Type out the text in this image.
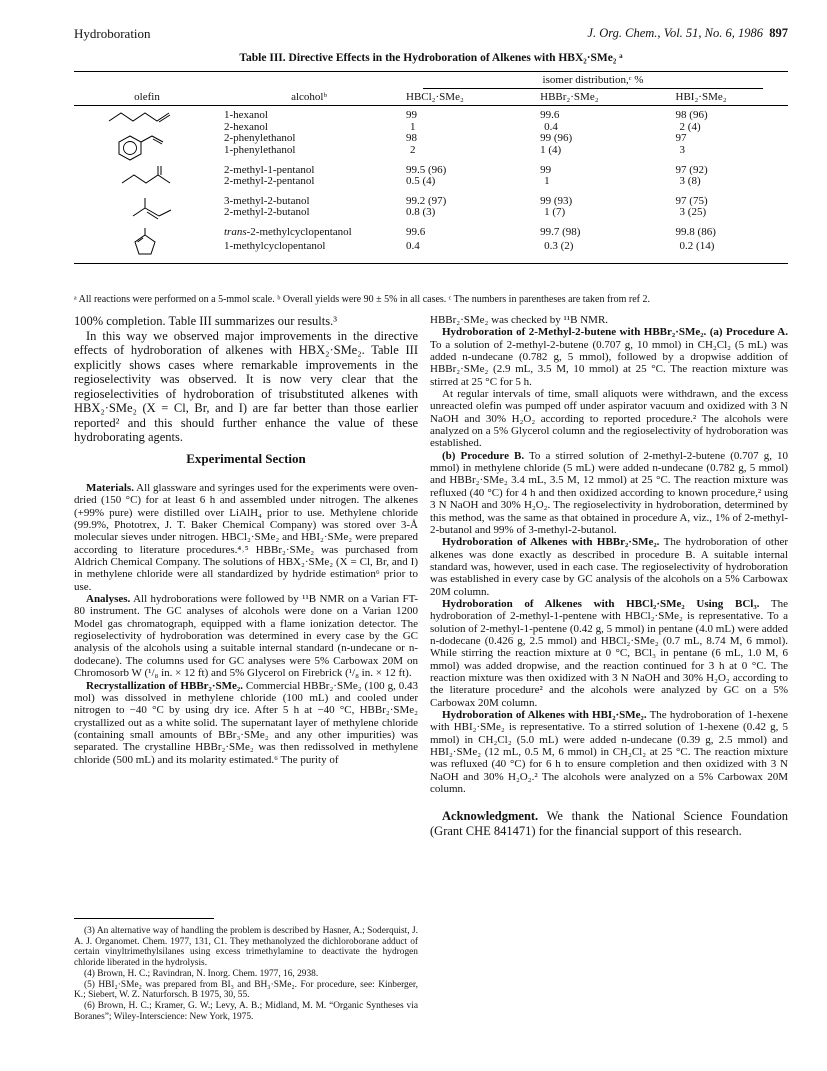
Hydroboration	J. Org. Chem., Vol. 51, No. 6, 1986 897
Table III. Directive Effects in the Hydroboration of Alkenes with HBX₂·SMe₂ ᵃ
		isomer distribution,ᶜ %		
olefin	alcoholᵇ	HBCl₂·SMe₂	HBBr₂·SMe₂	HBI₂·SMe₂

	1-hexanol	99	99.6	98 (96)
	2-hexanol	1	0.4	2 (4)

	2-phenylethanol	98	99 (96)	97
	1-phenylethanol	2	1 (4)	3

	2-methyl-1-pentanol	99.5 (96)	99	97 (92)
	2-methyl-2-pentanol	0.5 (4)	1	3 (8)

	3-methyl-2-butanol	99.2 (97)	99 (93)	97 (75)
	2-methyl-2-butanol	0.8 (3)	1 (7)	3 (25)

	trans-2-methylcyclopentanol	99.6	99.7 (98)	99.8 (86)
	1-methylcyclopentanol	0.4	0.3 (2)	0.2 (14)
ᵃ All reactions were performed on a 5-mmol scale. ᵇ Overall yields were 90 ± 5% in all cases. ᶜ The numbers in parentheses are taken from ref 2.

100% completion. Table III summarizes our results.³

In this way we observed major improvements in the directive effects of hydroboration of alkenes with HBX₂·SMe₂. Table III explicitly shows cases where remarkable improvements in the regioselectivity was observed. It is now very clear that the regioselectivities of hydroboration of trisubstituted alkenes with HBX₂·SMe₂ (X = Cl, Br, and I) are far better than those earlier reported² and this should further enhance the value of these hydroborating agents.

Experimental Section

Materials. All glassware and syringes used for the experiments were oven-dried (150 °C) for at least 6 h and assembled under nitrogen. The alkenes (+99% pure) were distilled over LiAlH₄ prior to use. Methylene chloride (99.9%, Phototrex, J. T. Baker Chemical Company) was stored over 3-Å molecular sieves under nitrogen. HBCl₂·SMe₂ and HBI₂·SMe₂ were prepared according to literature procedures.⁴˒⁵ HBBr₂·SMe₂ was purchased from Aldrich Chemical Company. The solutions of HBX₂·SMe₂ (X = Cl, Br, and I) in methylene chloride were all standardized by hydride estimation⁶ prior to use.

Analyses. All hydroborations were followed by ¹¹B NMR on a Varian FT-80 instrument. The GC analyses of alcohols were done on a Varian 1200 Model gas chromatograph, equipped with a flame ionization detector. The regioselectivity of hydroboration was determined in every case by the GC analysis of the alcohols using a suitable internal standard (n-undecane or n-dodecane). The columns used for GC analyses were 5% Carbowax 20M on Chromosorb W (¹/₈ in. × 12 ft) and 5% Glycerol on Firebrick (¹/₈ in. × 12 ft).

Recrystallization of HBBr₂·SMe₂. Commercial HBBr₂·SMe₂ (100 g, 0.43 mol) was dissolved in methylene chloride (100 mL) and cooled under nitrogen to −40 °C by using dry ice. After 5 h at −40 °C, HBBr₂·SMe₂ crystallized out as a white solid. The supernatant layer of methylene chloride (containing small amounts of BBr₃·SMe₂ and any other impurities) was separated. The crystalline HBBr₂·SMe₂ was then redissolved in methylene chloride (500 mL) and its molarity estimated.⁶ The purity of

(3) An alternative way of handling the problem is described by Hasner, A.; Soderquist, J. A. J. Organomet. Chem. 1977, 131, C1. They methanolyzed the dichloroborane adduct of certain vinyltrimethylsilanes using excess trimethylamine to deactivate the hydrogen chloride liberated in the hydrolysis.
(4) Brown, H. C.; Ravindran, N. Inorg. Chem. 1977, 16, 2938.
(5) HBI₂·SMe₂ was prepared from BI₃ and BH₃·SMe₂. For procedure, see: Kinberger, K.; Siebert, W. Z. Naturforsch. B 1975, 30, 55.
(6) Brown, H. C.; Kramer, G. W.; Levy, A. B.; Midland, M. M. “Organic Syntheses via Boranes”; Wiley-Interscience: New York, 1975.

HBBr₂·SMe₂ was checked by ¹¹B NMR.

Hydroboration of 2-Methyl-2-butene with HBBr₂·SMe₂. (a) Procedure A. To a solution of 2-methyl-2-butene (0.707 g, 10 mmol) in CH₂Cl₂ (5 mL) was added n-undecane (0.782 g, 5 mmol), followed by a dropwise addition of HBBr₂·SMe₂ (2.9 mL, 3.5 M, 10 mmol) at 25 °C. The reaction mixture was stirred at 25 °C for 5 h.

At regular intervals of time, small aliquots were withdrawn, and the excess unreacted olefin was pumped off under aspirator vacuum and oxidized with 3 N NaOH and 30% H₂O₂ according to reported procedure.² The alcohols were analyzed on a 5% Glycerol column and the regioselectivity of hydroboration was established.

(b) Procedure B. To a stirred solution of 2-methyl-2-butene (0.707 g, 10 mmol) in methylene chloride (5 mL) were added n-undecane (0.782 g, 5 mmol) and HBBr₂·SMe₂ 3.4 mL, 3.5 M, 12 mmol) at 25 °C. The reaction mixture was refluxed (40 °C) for 4 h and then oxidized according to known procedure,² using 3 N NaOH and 30% H₂O₂. The regioselectivity in hydroboration, determined by this method, was the same as that obtained in procedure A, viz., 1% of 2-methyl-2-butanol and 99% of 3-methyl-2-butanol.

Hydroboration of Alkenes with HBBr₂·SMe₂. The hydroboration of other alkenes was done exactly as described in procedure B. A suitable internal standard was, however, used in each case. The regioselectivity of hydroboration was established in every case by GC analysis of the alcohols on a 5% Carbowax 20M column.

Hydroboration of Alkenes with HBCl₂·SMe₂ Using BCl₃. The hydroboration of 2-methyl-1-pentene with HBCl₂·SMe₂ is representative. To a solution of 2-methyl-1-pentene (0.42 g, 5 mmol) in pentane (4.0 mL) were added n-dodecane (0.426 g, 2.5 mmol) and HBCl₂·SMe₂ (0.7 mL, 8.74 M, 6 mmol). While stirring the reaction mixture at 0 °C, BCl₃ in pentane (6 mL, 1.0 M, 6 mmol) was added dropwise, and the reaction continued for 3 h at 0 °C. The reaction mixture was then oxidized with 3 N NaOH and 30% H₂O₂ according to the literature procedure² and the alcohols were analyzed by GC on a 5% Carbowax 20M column.

Hydroboration of Alkenes with HBI₂·SMe₂. The hydroboration of 1-hexene with HBI₂·SMe₂ is representative. To a stirred solution of 1-hexene (0.42 g, 5 mmol) in CH₂Cl₂ (5.0 mL) were added n-undecane (0.39 g, 2.5 mmol) and HBI₂·SMe₂ (12 mL, 0.5 M, 6 mmol) in CH₂Cl₂ at 25 °C. The reaction mixture was refluxed (40 °C) for 6 h to ensure completion and then oxidized with 3 N NaOH and 30% H₂O₂.² The alcohols were analyzed on a 5% Carbowax 20M column.

Acknowledgment. We thank the National Science Foundation (Grant CHE 841471) for the financial support of this research.
